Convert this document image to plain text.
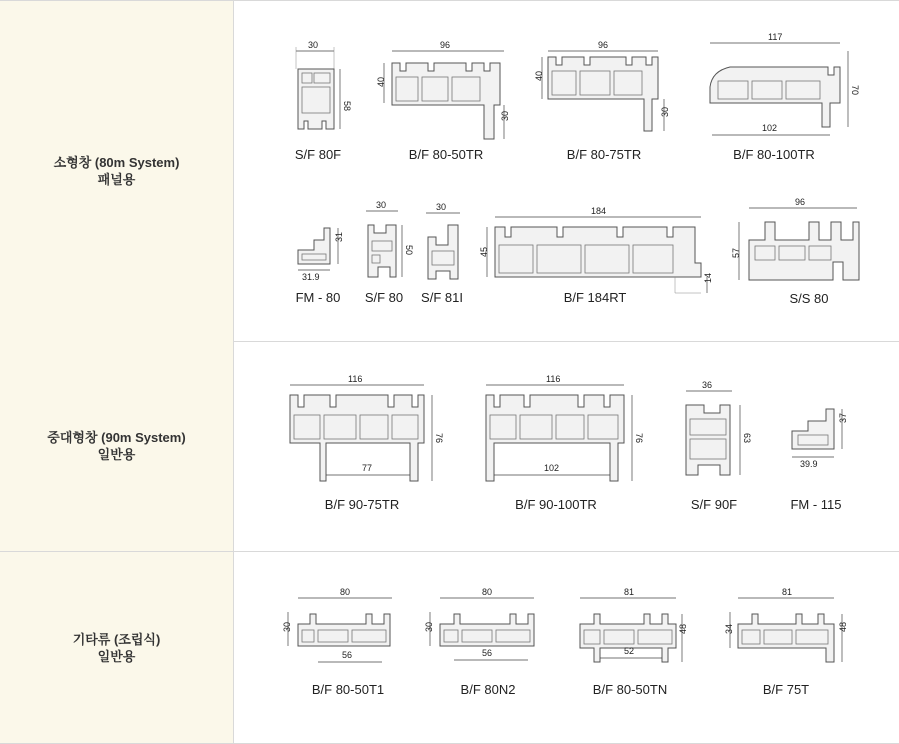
소형창 (80m System)
패널용
30
58
S/F 80F
96
40
30
B/F 80-50TR
96
40
30
B/F 80-75TR
117
102
70
B/F 80-100TR
31
31.9
FM - 80
30
50
S/F 80
30
S/F 81I
184
45
14
B/F 184RT
96
57
S/S 80
중대형창 (90m System)
일반용
116
77
76
B/F 90-75TR
116
102
76
B/F 90-100TR
36
63
S/F 90F
37
39.9
FM - 115
기타류 (조립식)
일반용
80
30
56
B/F 80-50T1
80
30
56
B/F 80N2
81
52
48
B/F 80-50TN
81
34	48
B/F 75T
